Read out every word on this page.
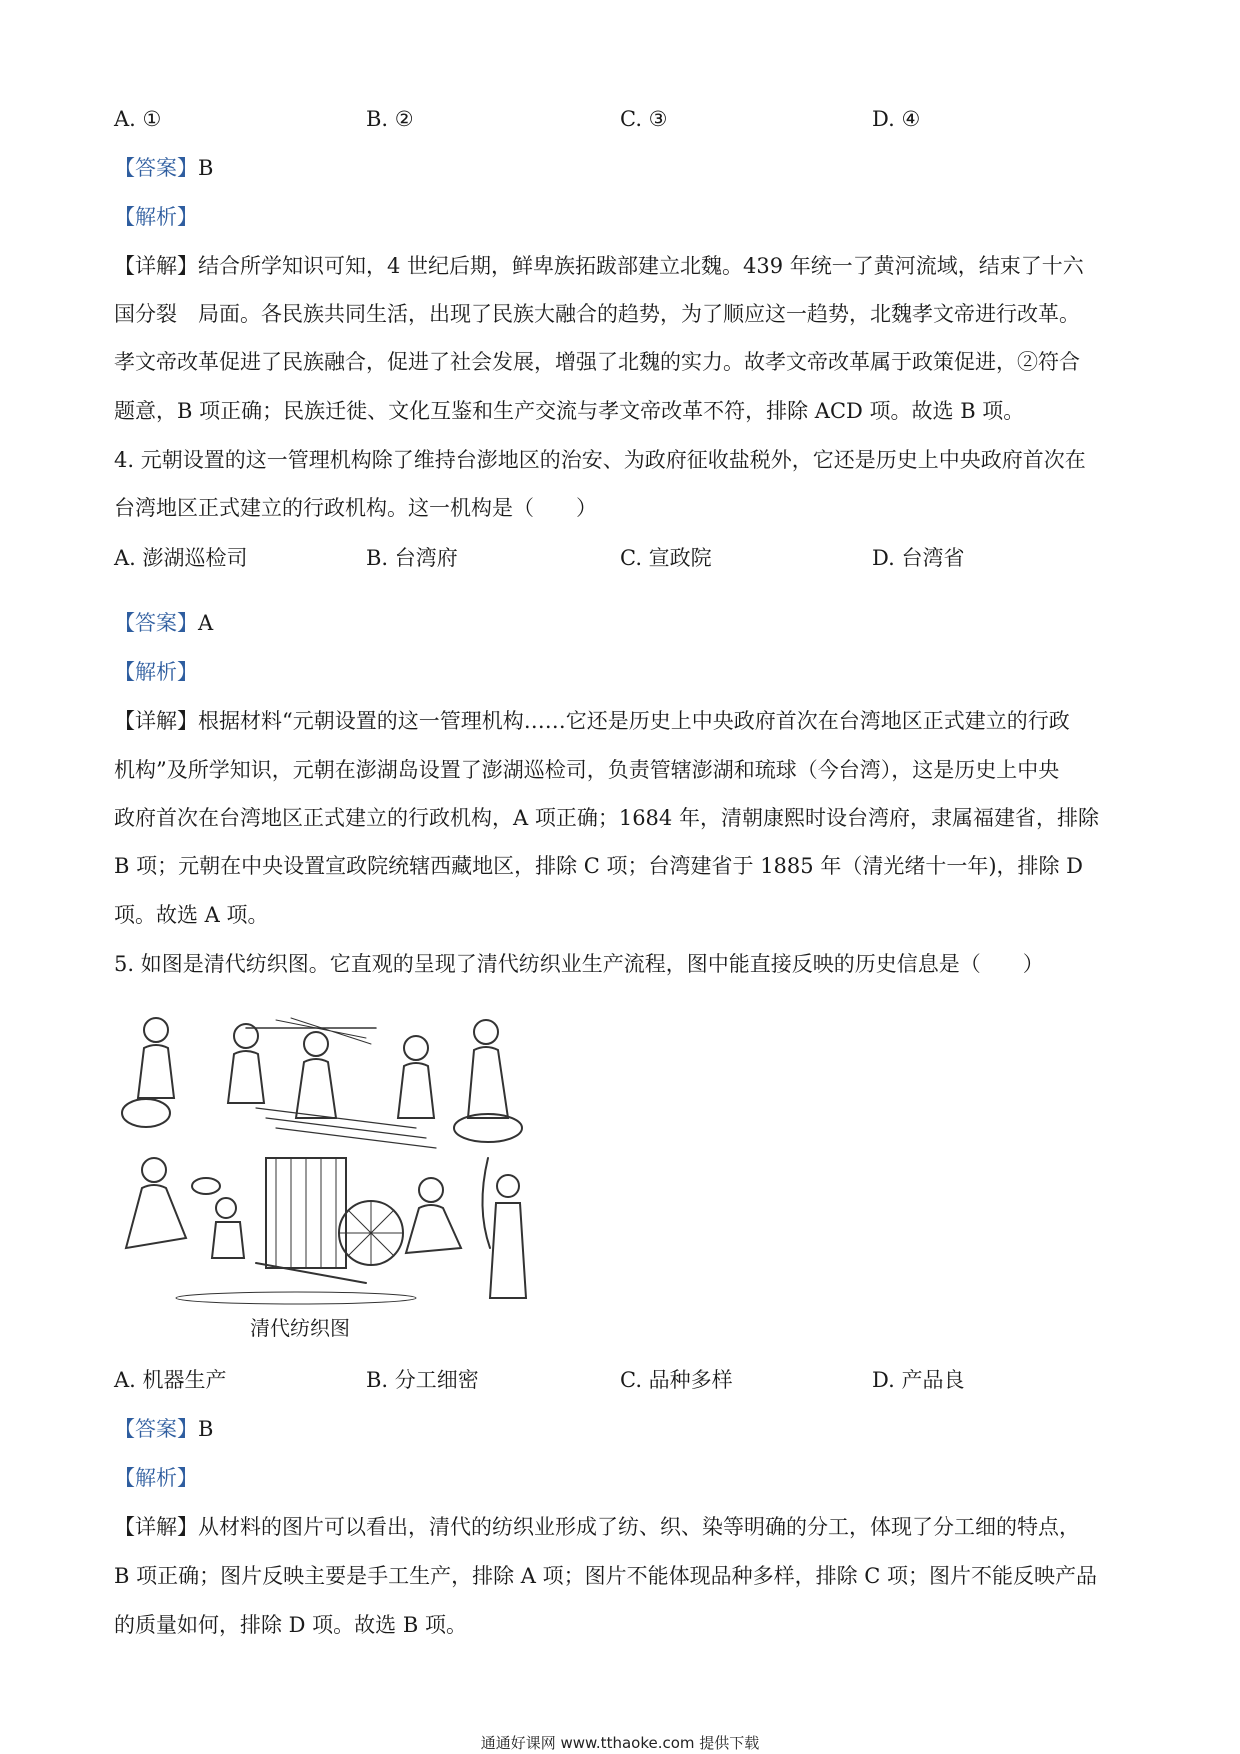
A. ①	B. ②	C. ③	D. ④
【答案】B
【解析】
【详解】结合所学知识可知，4 世纪后期，鲜卑族拓跋部建立北魏。439 年统一了黄河流域，结束了十六
国分裂　局面。各民族共同生活，出现了民族大融合的趋势，为了顺应这一趋势，北魏孝文帝进行改革。
孝文帝改革促进了民族融合，促进了社会发展，增强了北魏的实力。故孝文帝改革属于政策促进，②符合
题意，B 项正确；民族迁徙、文化互鉴和生产交流与孝文帝改革不符，排除 ACD 项。故选 B 项。
4. 元朝设置的这一管理机构除了维持台澎地区的治安、为政府征收盐税外，它还是历史上中央政府首次在
台湾地区正式建立的行政机构。这一机构是（　　）
A. 澎湖巡检司	B. 台湾府	C. 宣政院	D. 台湾省
【答案】A
【解析】
【详解】根据材料“元朝设置的这一管理机构……它还是历史上中央政府首次在台湾地区正式建立的行政
机构”及所学知识，元朝在澎湖岛设置了澎湖巡检司，负责管辖澎湖和琉球（今台湾），这是历史上中央
政府首次在台湾地区正式建立的行政机构，A 项正确；1684 年，清朝康熙时设台湾府，隶属福建省，排除
B 项；元朝在中央设置宣政院统辖西藏地区，排除 C 项；台湾建省于 1885 年（清光绪十一年)，排除 D
项。故选 A 项。
5. 如图是清代纺织图。它直观的呈现了清代纺织业生产流程，图中能直接反映的历史信息是（　　）
清代纺织图
A. 机器生产	B. 分工细密	C. 品种多样	D. 产品良
【答案】B
【解析】
【详解】从材料的图片可以看出，清代的纺织业形成了纺、织、染等明确的分工，体现了分工细的特点，
B 项正确；图片反映主要是手工生产，排除 A 项；图片不能体现品种多样，排除 C 项；图片不能反映产品
的质量如何，排除 D 项。故选 B 项。
通通好课网 www.tthaoke.com 提供下载
